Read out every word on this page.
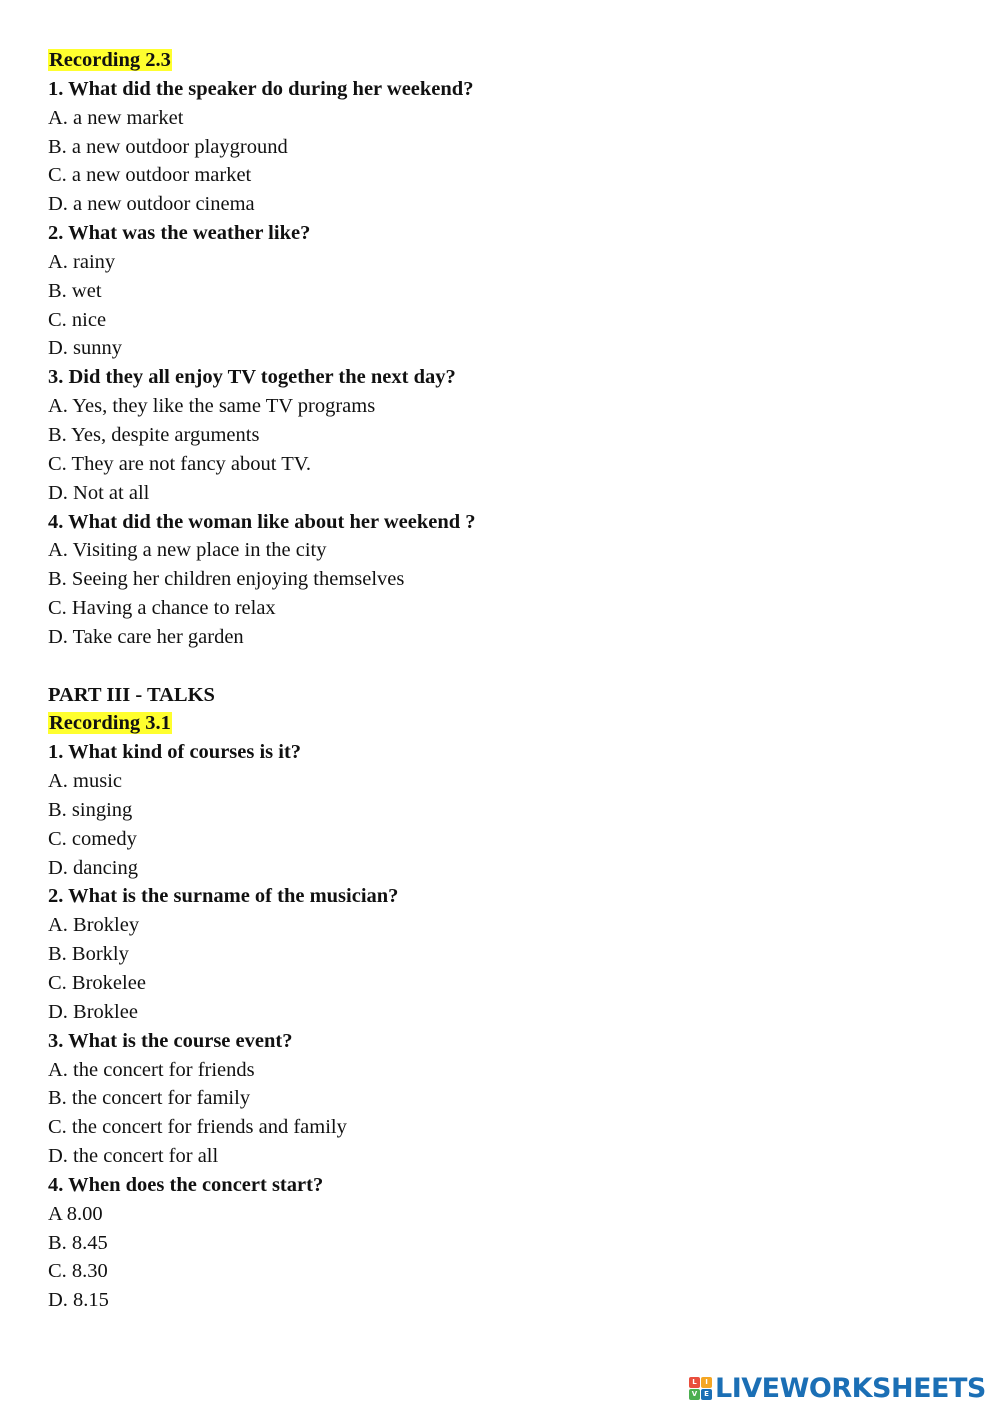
Recording 2.3
1. What did the speaker do during her weekend?
A. a new market
B. a new outdoor playground
C. a new outdoor market
D. a new outdoor cinema
2. What was the weather like?
A. rainy
B. wet
C. nice
D. sunny
3. Did they all enjoy TV together the next day?
A. Yes, they like the same TV programs
B. Yes, despite arguments
C. They are not fancy about TV.
D. Not at all
4. What did the woman like about her weekend ?
A. Visiting a new place in the city
B. Seeing her children enjoying themselves
C. Having a chance to relax
D. Take care her garden
PART III - TALKS
Recording 3.1
1. What kind of courses is it?
A. music
B. singing
C. comedy
D. dancing
2. What is the surname of the musician?
A. Brokley
B. Borkly
C. Brokelee
D. Broklee
3. What is the course event?
A. the concert for friends
B. the concert for family
C. the concert for friends and family
D. the concert for all
4. When does the concert start?
A 8.00
B. 8.45
C. 8.30
D. 8.15
L	I
V E LIVEWORKSHEETS
